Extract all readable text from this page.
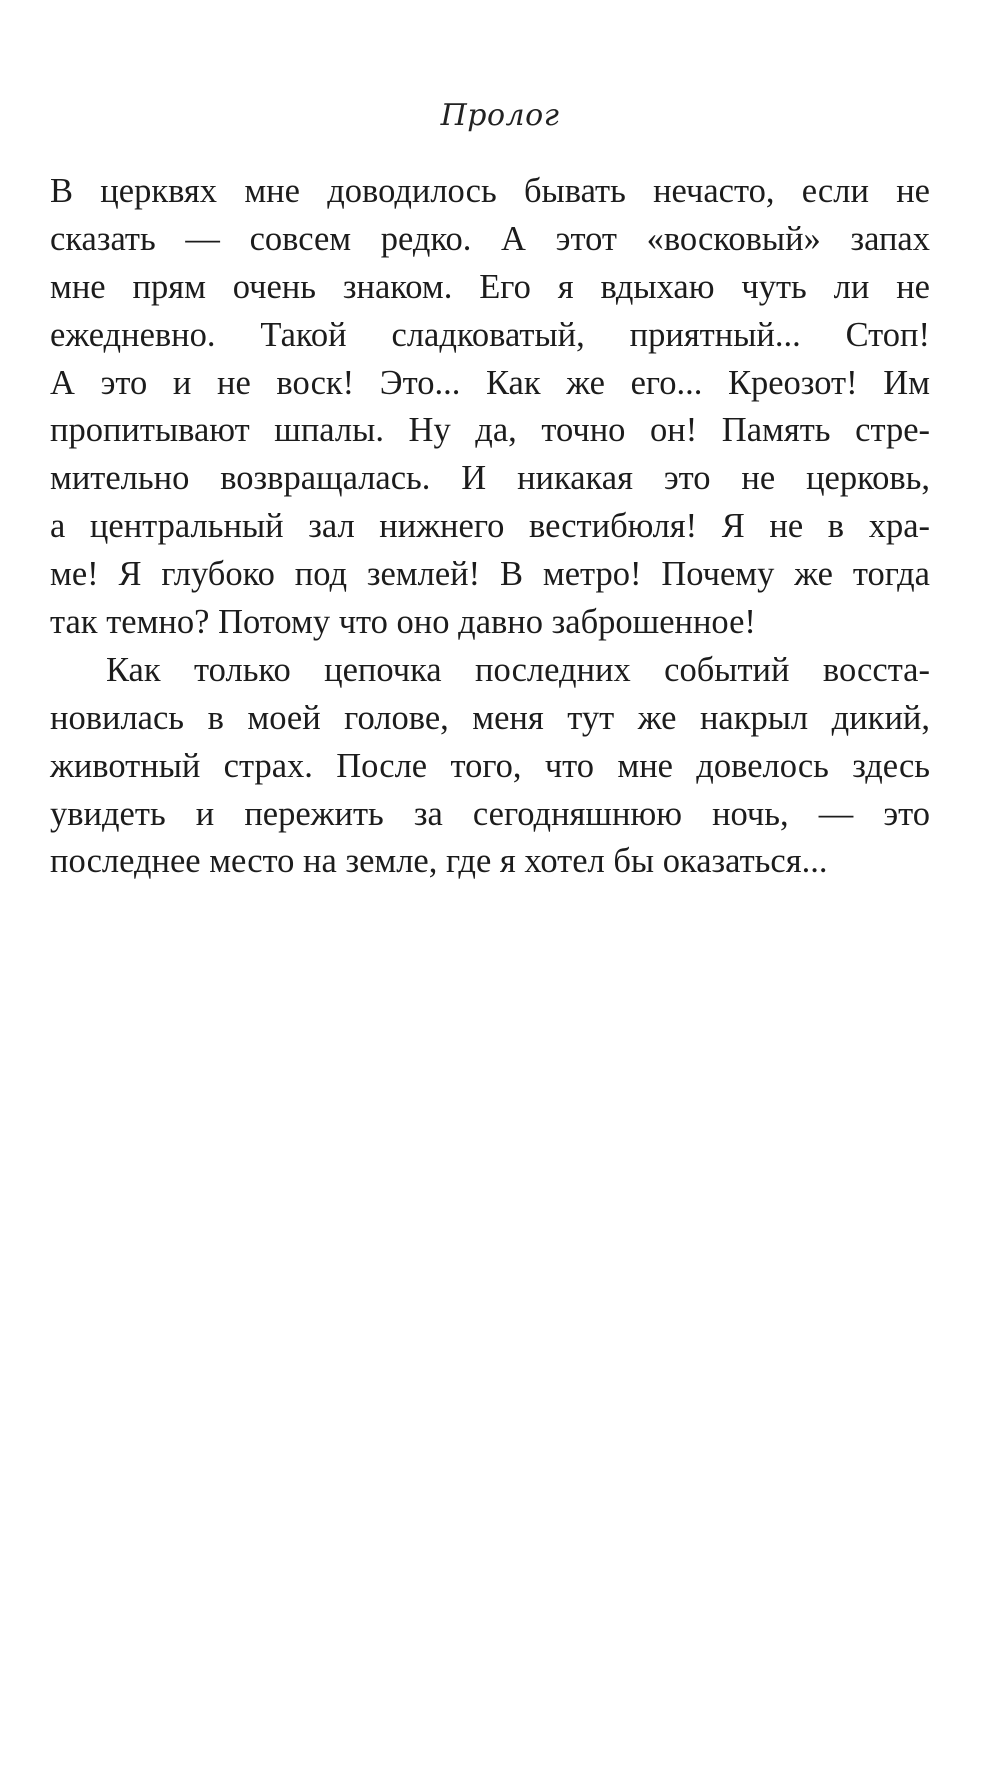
Пролог
В церквях мне доводилось бывать нечасто, если не
сказать — совсем редко. А этот «восковый» запах
мне прям очень знаком. Его я вдыхаю чуть ли не
ежедневно. Такой сладковатый, приятный... Стоп!
А это и не воск! Это... Как же его... Креозот! Им
пропитывают шпалы. Ну да, точно он! Память стре-
мительно возвращалась. И никакая это не церковь,
а центральный зал нижнего вестибюля! Я не в хра-
ме! Я глубоко под землей! В метро! Почему же тогда
так темно? Потому что оно давно заброшенное!
Как только цепочка последних событий восста-
новилась в моей голове, меня тут же накрыл дикий,
животный страх. После того, что мне довелось здесь
увидеть и пережить за сегодняшнюю ночь, — это
последнее место на земле, где я хотел бы оказаться...
